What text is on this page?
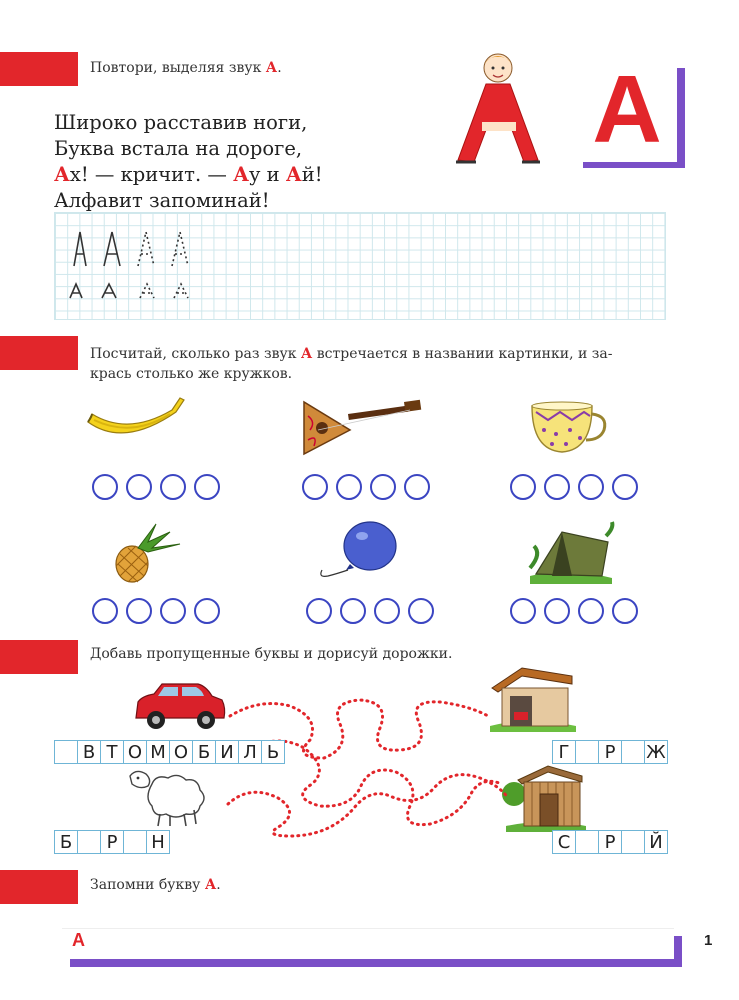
Повтори, выделяя звук А.
Широко расставив ноги,
Буква встала на дороге,
Ах! — кричит. — Ау и Ай!
Алфавит запоминай!
А
Посчитай, сколько раз звук А встречается в названии картинки, и за-
крась столько же кружков.
Добавь пропущенные буквы и дорисуй дорожки.
В Т О М О Б И Л Ь	Г	Р	Ж
Б	Р	Н	С	Р	Й
Запомни букву А.
А	1
